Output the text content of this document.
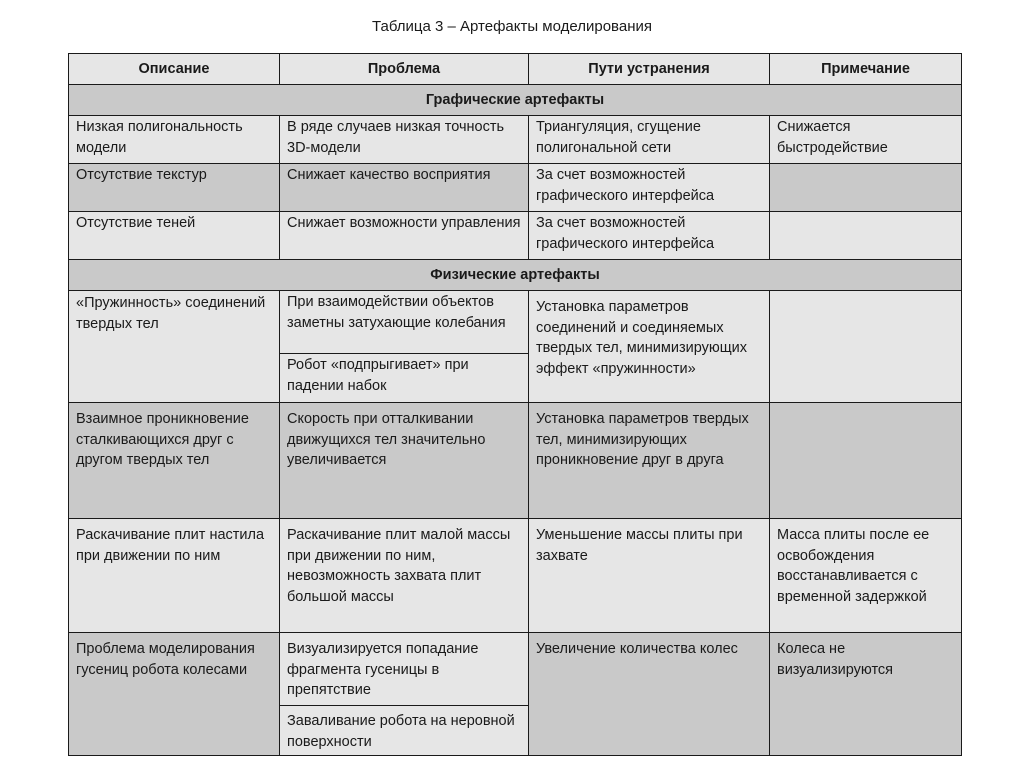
Таблица 3 – Артефакты моделирования
Описание	Проблема	Пути устранения	Примечание
Графические артефакты			
Низкая полигональность модели	В ряде случаев низкая точность 3D-модели	Триангуляция, сгущение полигональной сети	Снижается быстродействие
Отсутствие текстур	Снижает качество восприятия	За счет возможностей графического интерфейса	
Отсутствие теней	Снижает возможности управления	За счет возможностей графического интерфейса	
Физические артефакты			
«Пружинность» соединений твердых тел	При взаимодействии объектов заметны затухающие колебания	Установка параметров соединений и соединяемых твердых тел, минимизирующих эффект «пружинности»	
	Робот «подпрыгивает» при падении набок		
Взаимное проникновение сталкивающихся друг с другом твердых тел	Скорость при отталкивании движущихся тел значительно увеличивается	Установка параметров твердых тел, минимизирующих проникновение друг в друга	
Раскачивание плит настила при движении по ним	Раскачивание плит малой массы при движении по ним, невозможность захвата плит большой массы	Уменьшение массы плиты при захвате	Масса плиты после ее освобождения восстанавливается с временной задержкой
Проблема моделирования гусениц робота колесами	Визуализируется попадание фрагмента гусеницы в препятствие	Увеличение количества колес	Колеса не визуализируются
	Заваливание робота на неровной поверхности		
